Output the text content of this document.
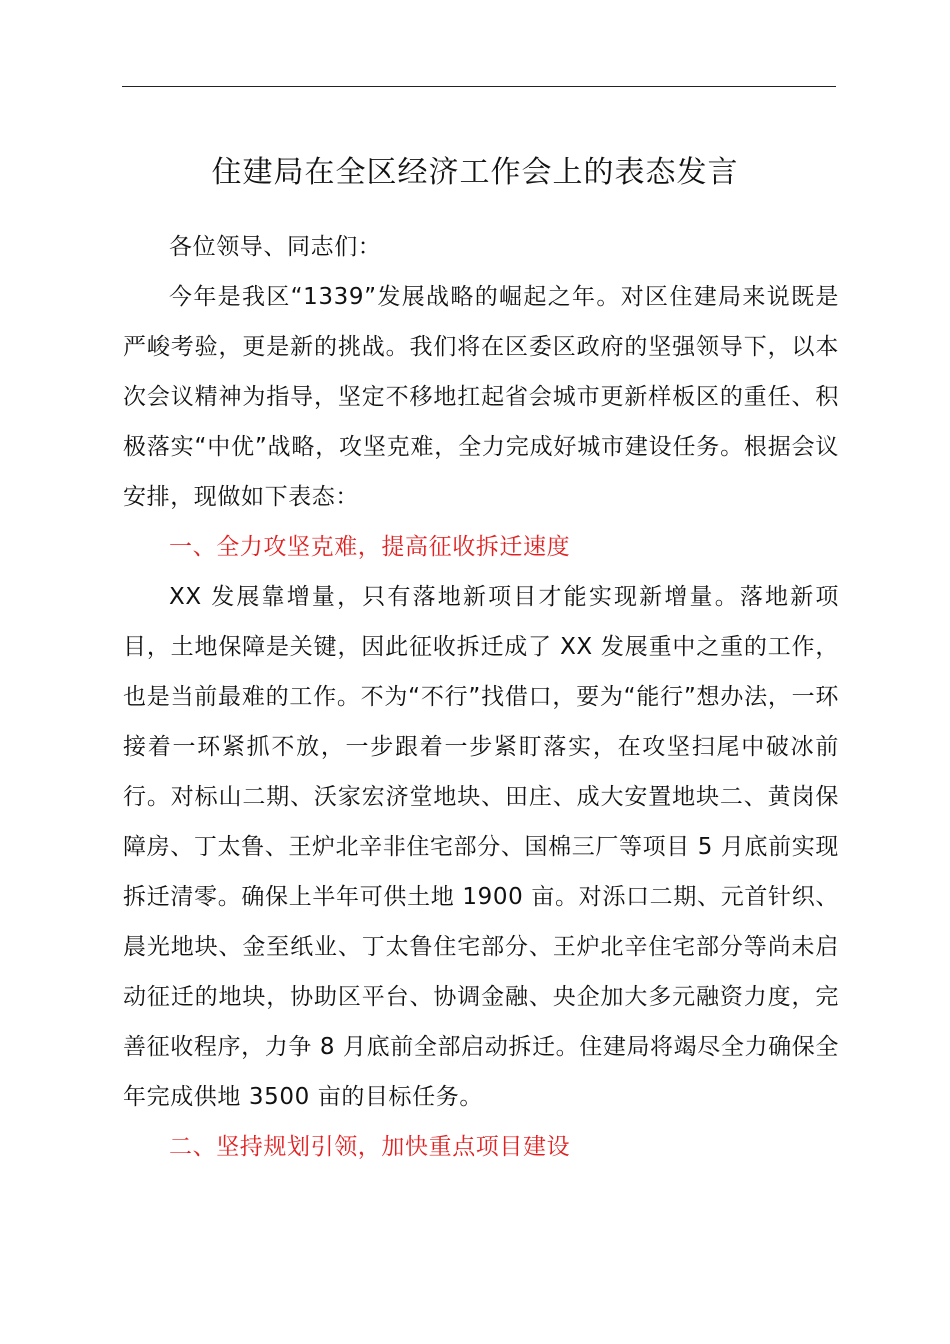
住建局在全区经济工作会上的表态发言

各位领导、同志们：

今年是我区“1339”发展战略的崛起之年。对区住建局来说既是严峻考验，更是新的挑战。我们将在区委区政府的坚强领导下，以本次会议精神为指导，坚定不移地扛起省会城市更新样板区的重任、积极落实“中优”战略，攻坚克难，全力完成好城市建设任务。根据会议安排，现做如下表态：

一、全力攻坚克难，提高征收拆迁速度

XX 发展靠增量，只有落地新项目才能实现新增量。落地新项目，土地保障是关键，因此征收拆迁成了 XX 发展重中之重的工作，也是当前最难的工作。不为“不行”找借口，要为“能行”想办法，一环接着一环紧抓不放，一步跟着一步紧盯落实，在攻坚扫尾中破冰前行。对标山二期、沃家宏济堂地块、田庄、成大安置地块二、黄岗保障房、丁太鲁、王炉北辛非住宅部分、国棉三厂等项目 5 月底前实现拆迁清零。确保上半年可供土地 1900 亩。对泺口二期、元首针织、晨光地块、金至纸业、丁太鲁住宅部分、王炉北辛住宅部分等尚未启动征迁的地块，协助区平台、协调金融、央企加大多元融资力度，完善征收程序，力争 8 月底前全部启动拆迁。住建局将竭尽全力确保全年完成供地 3500 亩的目标任务。

二、坚持规划引领，加快重点项目建设
